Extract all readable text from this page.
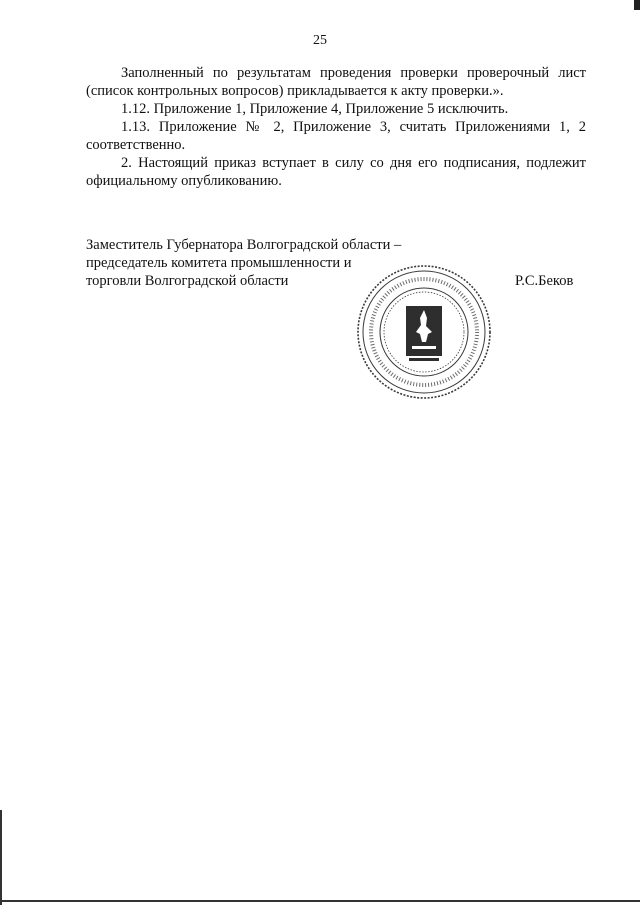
25

Заполненный по результатам проведения проверки проверочный лист (список контрольных вопросов) прикладывается к акту проверки.».

1.12. Приложение 1, Приложение 4, Приложение 5 исключить.

1.13. Приложение № 2, Приложение 3, считать Приложениями 1, 2 соответственно.

2. Настоящий приказ вступает в силу со дня его подписания, подлежит официальному опубликованию.

Заместитель Губернатора Волгоградской области –
председатель комитета промышленности и
торговли Волгоградской области	Р.С.Беков
